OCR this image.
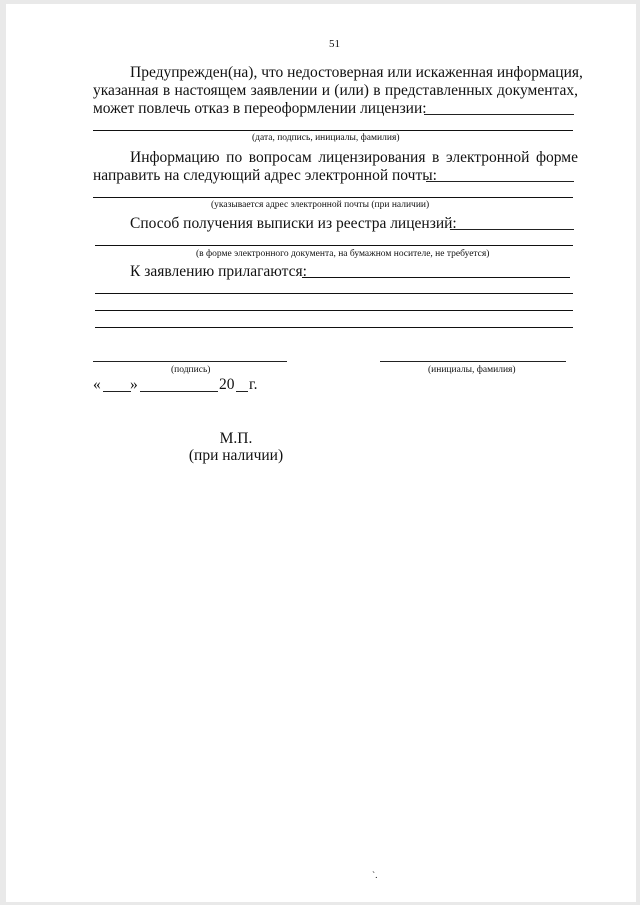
51
Предупрежден(на), что недостоверная или искаженная информация,
указанная в настоящем заявлении и (или) в представленных документах,
может повлечь отказ в переоформлении лицензии:
(дата, подпись, инициалы, фамилия)
Информацию по вопросам лицензирования в электронной форме
направить на следующий адрес электронной почты:
(указывается адрес электронной почты (при наличии)
Способ получения выписки из реестра лицензий:
(в форме электронного документа, на бумажном носителе, не требуется)
К заявлению прилагаются:
(подпись)	(инициалы, фамилия)
« »	20 г.
М.П.
(при наличии)
`.
